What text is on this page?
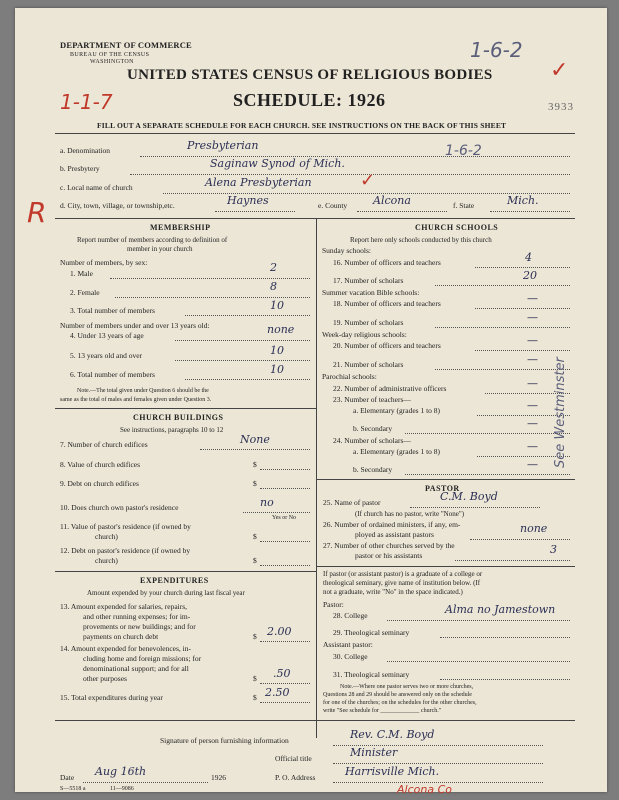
DEPARTMENT OF COMMERCE
BUREAU OF THE CENSUS
WASHINGTON
UNITED STATES CENSUS OF RELIGIOUS BODIES
SCHEDULE: 1926
FILL OUT A SEPARATE SCHEDULE FOR EACH CHURCH. SEE INSTRUCTIONS ON THE BACK OF THIS SHEET
3933
1-6-2
✓
1-1-7
1-6-2
a. Denomination	Presbyterian
b. Presbytery	Saginaw Synod of Mich.
c. Local name of church	Alena Presbyterian	✓
d. City, town, village, or township,etc.	Haynes	e. County Alcona	f. State	Mich.
R	MEMBERSHIP
Report number of members according to definition of
member in your church
Number of members, by sex:
1. Male	2
2. Female	8
3. Total number of members	10
Number of members under and over 13 years old:
4. Under 13 years of age	none
5. 13 years old and over	10
6. Total number of members	10
Note.—The total given under Question 6 should be the
same as the total of males and females given under Question 3.
CHURCH BUILDINGS
See instructions, paragraphs 10 to 12
7. Number of church edifices	None
8. Value of church edifices	$
9. Debt on church edifices	$
10. Does church own pastor's residence	no
Yes or No
11. Value of pastor's residence (if owned by
church)	$
12. Debt on pastor's residence (if owned by
church)	$
EXPENDITURES
Amount expended by your church during last fiscal year
13. Amount expended for salaries, repairs,
and other running expenses; for im-
provements or new buildings; and for
payments on church debt	$ 2.00
14. Amount expended for benevolences, in-
cluding home and foreign missions; for
denominational support; and for all
other purposes	$ .50
15. Total expenditures during year	$ 2.50
CHURCH SCHOOLS
Report here only schools conducted by this church
Sunday schools:
16. Number of officers and teachers	4
17. Number of scholars	20
Summer vacation Bible schools:
18. Number of officers and teachers	—
19. Number of scholars	—
Week-day religious schools:
20. Number of officers and teachers	—
21. Number of scholars	—
Parochial schools:
22. Number of administrative officers	—
23. Number of teachers—
a. Elementary (grades 1 to 8)	—
b. Secondary	—
24. Number of scholars—
a. Elementary (grades 1 to 8)	—
b. Secondary	— See Westminster
PASTOR
25. Name of pastor	C.M. Boyd
(If church has no pastor, write "None")
26. Number of ordained ministers, if any, em-
ployed as assistant pastors	none
27. Number of other churches served by the
pastor or his assistants	3
If pastor (or assistant pastor) is a graduate of a college or
theological seminary, give name of institution below. (If
not a graduate, write "No" in the space indicated.)
Pastor:
28. College	Alma no Jamestown
29. Theological seminary
Assistant pastor:
30. College
31. Theological seminary
Note.—Where one pastor serves two or more churches,
Questions 28 and 29 should be answered only on the schedule
for one of the churches; on the schedules for the other churches,
write "See schedule for _____________ church."
Signature of person furnishing information	Rev. C.M. Boyd
Official title	Minister
Date Aug 16th	1926	P. O. Address	Harrisville Mich.
S—5518 a	11—9086	Alcona Co
